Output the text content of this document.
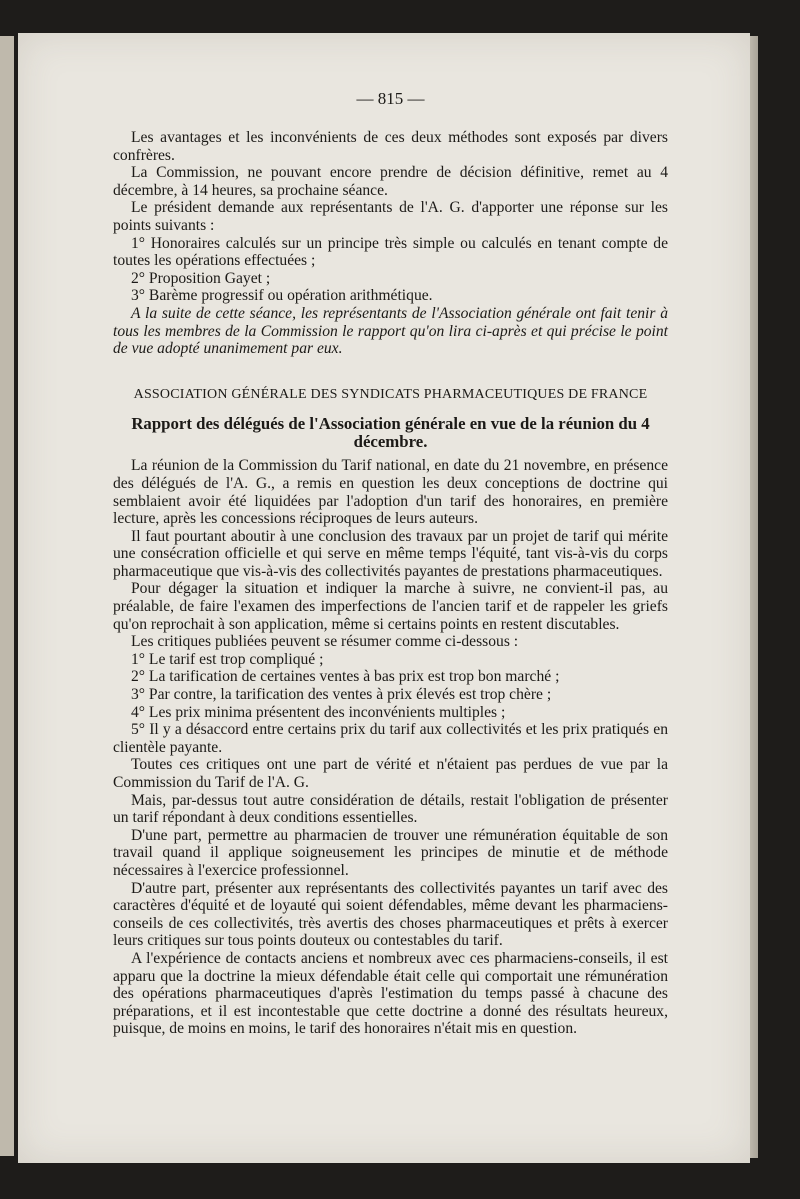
— 815 —

Les avantages et les inconvénients de ces deux méthodes sont exposés par divers confrères.

La Commission, ne pouvant encore prendre de décision définitive, remet au 4 décembre, à 14 heures, sa prochaine séance.

Le président demande aux représentants de l'A. G. d'apporter une réponse sur les points suivants :

1° Honoraires calculés sur un principe très simple ou calculés en tenant compte de toutes les opérations effectuées ;

2° Proposition Gayet ;

3° Barème progressif ou opération arithmétique.

A la suite de cette séance, les représentants de l'Association générale ont fait tenir à tous les membres de la Commission le rapport qu'on lira ci-après et qui précise le point de vue adopté unanimement par eux.

ASSOCIATION GÉNÉRALE DES SYNDICATS PHARMACEUTIQUES DE FRANCE

Rapport des délégués de l'Association générale en vue de la réunion du 4 décembre.

La réunion de la Commission du Tarif national, en date du 21 novembre, en présence des délégués de l'A. G., a remis en question les deux conceptions de doctrine qui semblaient avoir été liquidées par l'adoption d'un tarif des honoraires, en première lecture, après les concessions réciproques de leurs auteurs.

Il faut pourtant aboutir à une conclusion des travaux par un projet de tarif qui mérite une consécration officielle et qui serve en même temps l'équité, tant vis-à-vis du corps pharmaceutique que vis-à-vis des collectivités payantes de prestations pharmaceutiques.

Pour dégager la situation et indiquer la marche à suivre, ne convient-il pas, au préalable, de faire l'examen des imperfections de l'ancien tarif et de rappeler les griefs qu'on reprochait à son application, même si certains points en restent discutables.

Les critiques publiées peuvent se résumer comme ci-dessous :

1° Le tarif est trop compliqué ;

2° La tarification de certaines ventes à bas prix est trop bon marché ;

3° Par contre, la tarification des ventes à prix élevés est trop chère ;

4° Les prix minima présentent des inconvénients multiples ;

5° Il y a désaccord entre certains prix du tarif aux collectivités et les prix pratiqués en clientèle payante.

Toutes ces critiques ont une part de vérité et n'étaient pas perdues de vue par la Commission du Tarif de l'A. G.

Mais, par-dessus tout autre considération de détails, restait l'obligation de présenter un tarif répondant à deux conditions essentielles.

D'une part, permettre au pharmacien de trouver une rémunération équitable de son travail quand il applique soigneusement les principes de minutie et de méthode nécessaires à l'exercice professionnel.

D'autre part, présenter aux représentants des collectivités payantes un tarif avec des caractères d'équité et de loyauté qui soient défendables, même devant les pharmaciens-conseils de ces collectivités, très avertis des choses pharmaceutiques et prêts à exercer leurs critiques sur tous points douteux ou contestables du tarif.

A l'expérience de contacts anciens et nombreux avec ces pharmaciens-conseils, il est apparu que la doctrine la mieux défendable était celle qui comportait une rémunération des opérations pharmaceutiques d'après l'estimation du temps passé à chacune des préparations, et il est incontestable que cette doctrine a donné des résultats heureux, puisque, de moins en moins, le tarif des honoraires n'était mis en question.
